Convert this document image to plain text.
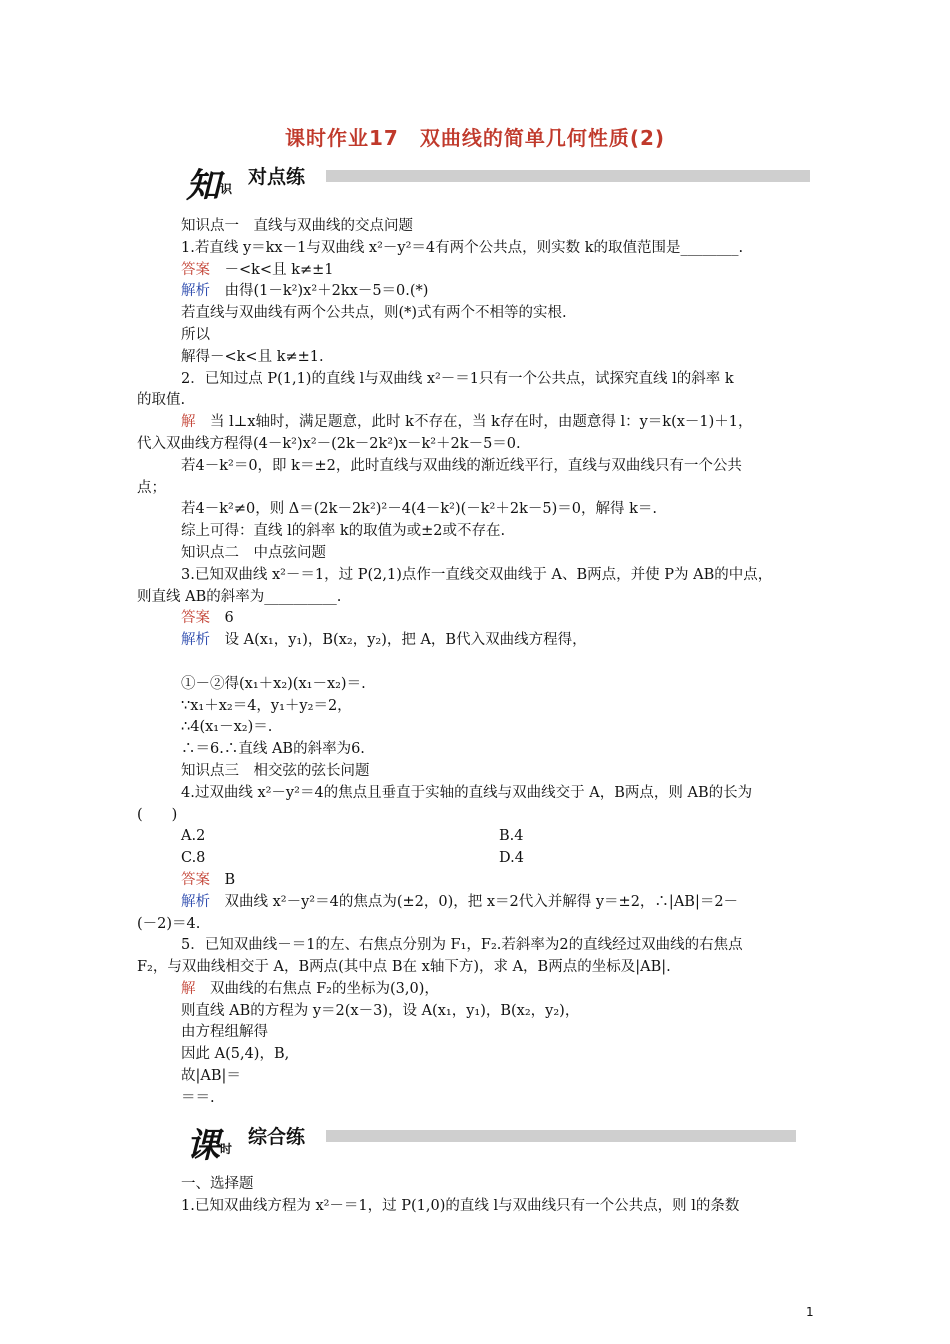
课时作业17　双曲线的简单几何性质(2)
知 识
对点练
知识点一　直线与双曲线的交点问题
1.若直线 y＝kx－1与双曲线 x²－y²＝4有两个公共点，则实数 k的取值范围是________.
答案　－<k<且 k≠±1
解析　由得(1－k²)x²＋2kx－5＝0.(*)
若直线与双曲线有两个公共点，则(*)式有两个不相等的实根.
所以
解得－<k<且 k≠±1.
2．已知过点 P(1,1)的直线 l与双曲线 x²－＝1只有一个公共点，试探究直线 l的斜率 k
的取值.
解　当 l⊥x轴时，满足题意，此时 k不存在，当 k存在时，由题意得 l：y＝k(x－1)＋1，
代入双曲线方程得(4－k²)x²－(2k－2k²)x－k²＋2k－5＝0.
若4－k²＝0，即 k＝±2，此时直线与双曲线的渐近线平行，直线与双曲线只有一个公共
点；
若4－k²≠0，则 Δ＝(2k－2k²)²－4(4－k²)(－k²＋2k－5)＝0，解得 k＝.
综上可得：直线 l的斜率 k的取值为或±2或不存在.
知识点二　中点弦问题
3.已知双曲线 x²－＝1，过 P(2,1)点作一直线交双曲线于 A、B两点，并使 P为 AB的中点，
则直线 AB的斜率为__________.
答案　6
解析　设 A(x₁，y₁)，B(x₂，y₂)，把 A，B代入双曲线方程得，
①－②得(x₁＋x₂)(x₁－x₂)＝.
∵x₁＋x₂＝4，y₁＋y₂＝2，
∴4(x₁－x₂)＝.
∴＝6.∴直线 AB的斜率为6.
知识点三　相交弦的弦长问题
4.过双曲线 x²－y²＝4的焦点且垂直于实轴的直线与双曲线交于 A，B两点，则 AB的长为
(　　)
A.2	B.4
C.8	D.4
答案　B
解析　双曲线 x²－y²＝4的焦点为(±2，0)，把 x＝2代入并解得 y＝±2，∴|AB|＝2－
(－2)＝4.
5．已知双曲线－＝1的左、右焦点分别为 F₁，F₂.若斜率为2的直线经过双曲线的右焦点
F₂，与双曲线相交于 A，B两点(其中点 B在 x轴下方)，求 A，B两点的坐标及|AB|.
解　双曲线的右焦点 F₂的坐标为(3,0)，
则直线 AB的方程为 y＝2(x－3)，设 A(x₁，y₁)，B(x₂，y₂)，
由方程组解得
因此 A(5,4)，B,
故|AB|＝
＝＝.
课 时
综合练
一、选择题
1.已知双曲线方程为 x²－＝1，过 P(1,0)的直线 l与双曲线只有一个公共点，则 l的条数
1
